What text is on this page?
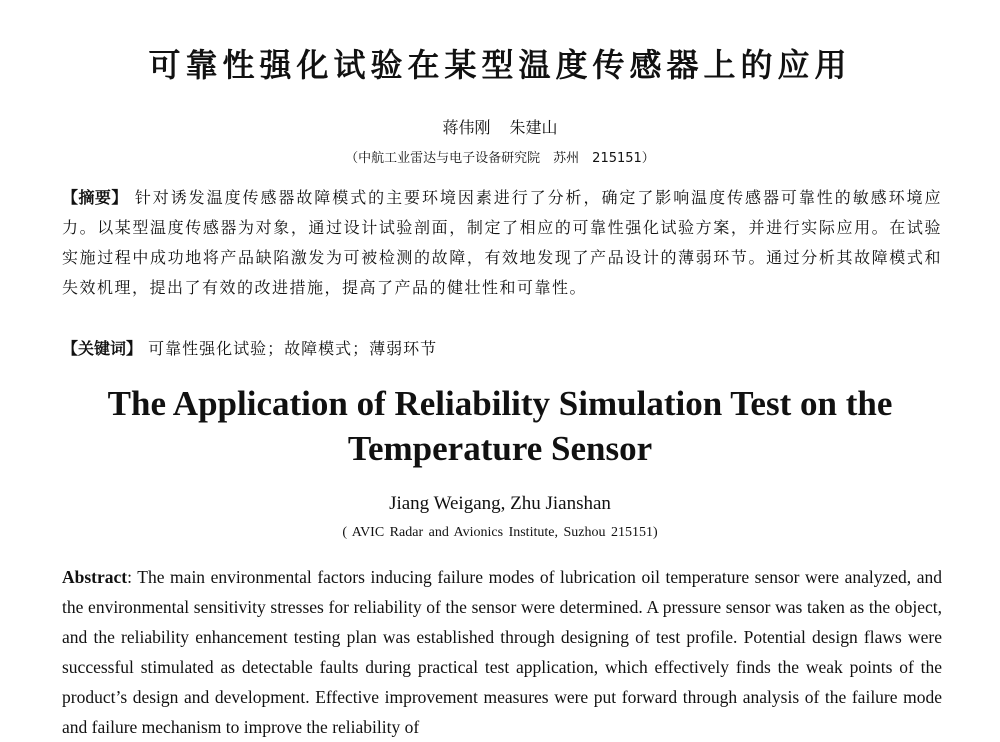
可靠性强化试验在某型温度传感器上的应用
蒋伟刚 朱建山
（中航工业雷达与电子设备研究院　苏州　215151）

【摘要】 针对诱发温度传感器故障模式的主要环境因素进行了分析，确定了影响温度传感器可靠性的敏感环境应力。以某型温度传感器为对象，通过设计试验剖面，制定了相应的可靠性强化试验方案，并进行实际应用。在试验实施过程中成功地将产品缺陷激发为可被检测的故障，有效地发现了产品设计的薄弱环节。通过分析其故障模式和失效机理，提出了有效的改进措施，提高了产品的健壮性和可靠性。

【关键词】 可靠性强化试验；故障模式；薄弱环节
The Application of Reliability Simulation Test on the Temperature Sensor
Jiang Weigang, Zhu Jianshan
( AVIC Radar and Avionics Institute, Suzhou 215151)

Abstract: The main environmental factors inducing failure modes of lubrication oil temperature sensor were analyzed, and the environmental sensitivity stresses for reliability of the sensor were determined. A pressure sensor was taken as the object, and the reliability enhancement testing plan was established through designing of test profile. Potential design flaws were successful stimulated as detectable faults during practical test application, which effectively finds the weak points of the product’s design and development. Effective improvement measures were put forward through analysis of the failure mode and failure mechanism to improve the reliability of
